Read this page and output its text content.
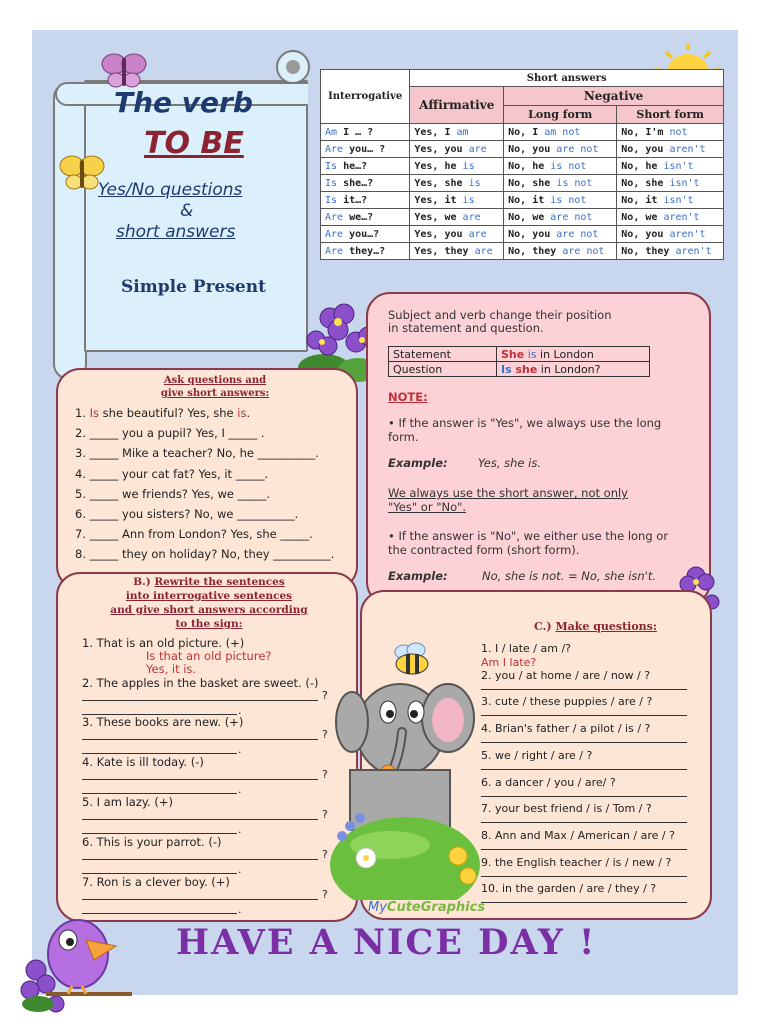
The verb
TO BE
Yes/No questions
&
short answers
Simple Present
Interrogative	Short answers		
	Affirmative	Negative	
		Long form	Short form
Am I … ?	Yes, I am	No, I am not	No, I'm not
Are you… ?	Yes, you are	No, you are not	No, you aren't
Is he…?	Yes, he is	No, he is not	No, he isn't
Is she…?	Yes, she is	No, she is not	No, she isn't
Is it…?	Yes, it is	No, it is not	No, it isn't
Are we…?	Yes, we are	No, we are not	No, we aren't
Are you…?	Yes, you are	No, you are not	No, you aren't
Are they…?	Yes, they are	No, they are not	No, they aren't
Subject and verb change their position
in statement and question.
Statement	She is in London
Question	Is she in London?
NOTE:
• If the answer is "Yes", we always use the long
form.
Example:	Yes, she is.
We always use the short answer, not only
"Yes" or "No".
• If the answer is "No", we either use the long or
the contracted form (short form).
Example:	No, she is not. = No, she isn't.
Ask questions and
give short answers:
1. Is she beautiful? Yes, she is.
2. _____ you a pupil? Yes, I _____ .
3. _____ Mike a teacher? No, he __________.
4. _____ your cat fat? Yes, it _____.
5. _____ we friends? Yes, we _____.
6. _____ you sisters? No, we __________.
7. _____ Ann from London? Yes, she _____.
8. _____ they on holiday? No, they __________.
B.) Rewrite the sentences
into interrogative sentences
and give short answers according
to the sign:
1. That is an old picture. (+)
Is that an old picture?
Yes, it is.
2. The apples in the basket are sweet. (-)
?
.
3. These books are new. (+)
?
.
4. Kate is ill today. (-)
?
.
5. I am lazy. (+)
?
.
6. This is your parrot. (-)
?
.
7. Ron is a clever boy. (+)
?
.
C.) Make questions:
1. I / late / am /?
Am I late?
2. you / at home / are / now / ?
3. cute / these puppies / are / ?
4. Brian's father / a pilot / is / ?
5. we / right / are / ?
6. a dancer / you / are/ ?
7. your best friend / is / Tom / ?
8. Ann and Max / American / are / ?
9. the English teacher / is / new / ?
10. in the garden / are / they / ?
MyCuteGraphics
HAVE A NICE DAY !
